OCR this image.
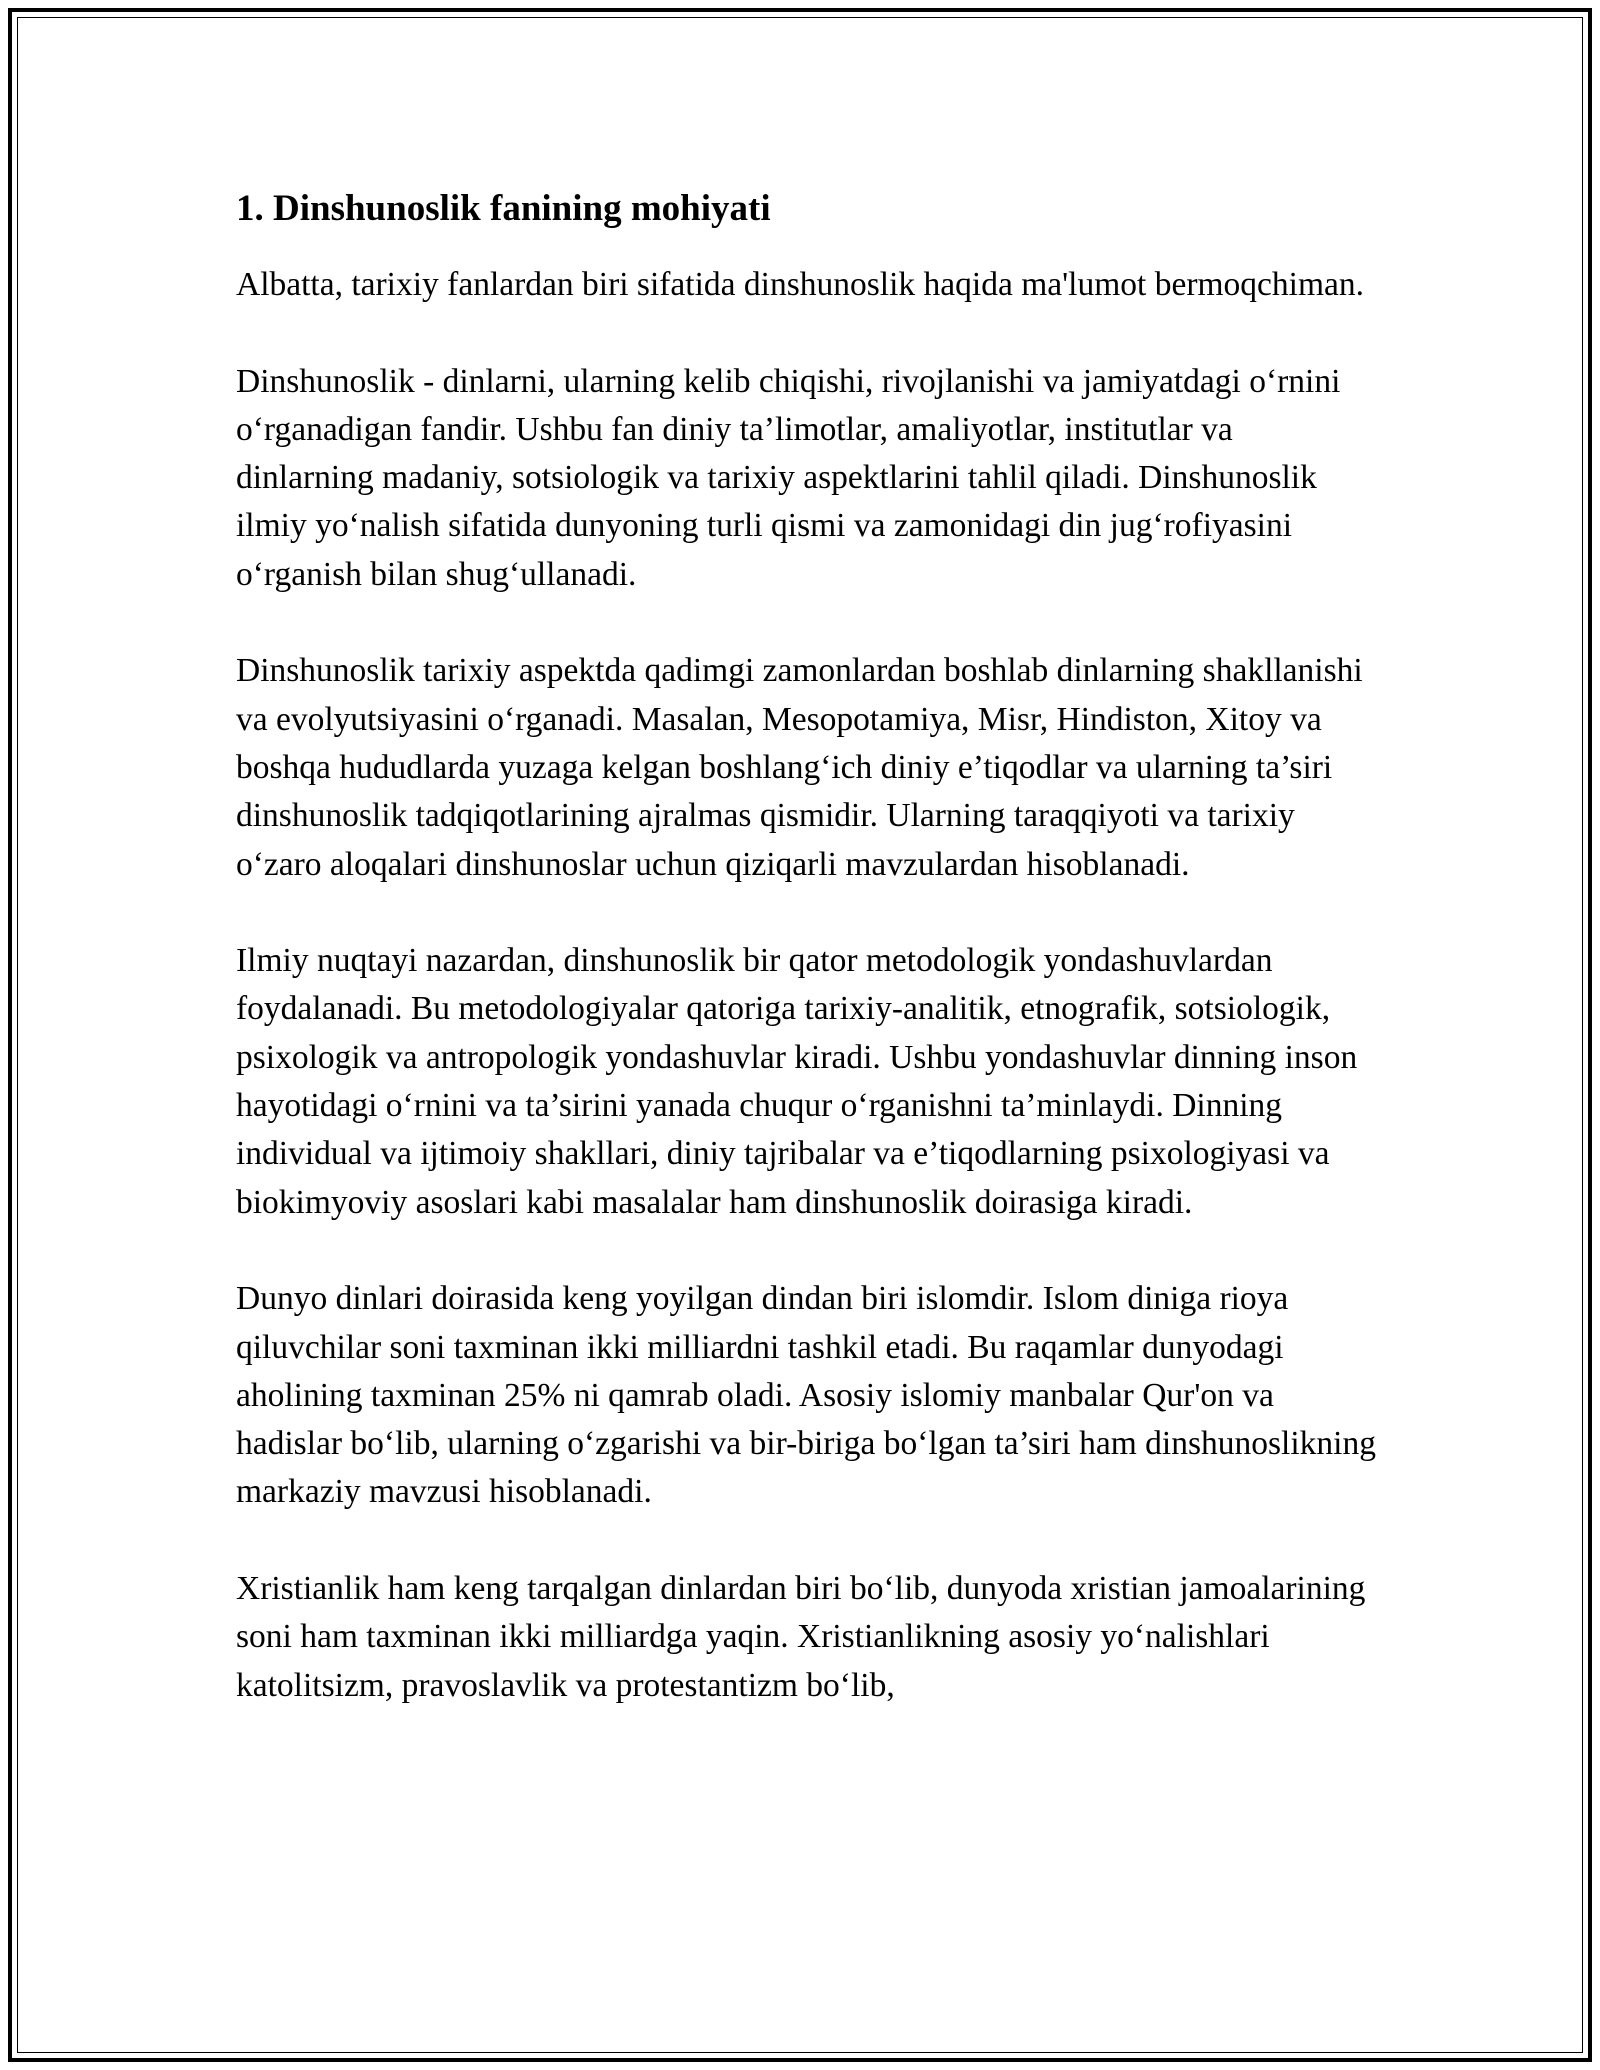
1. Dinshunoslik fanining mohiyati

Albatta, tarixiy fanlardan biri sifatida dinshunoslik haqida ma'lumot bermoqchiman.

Dinshunoslik - dinlarni, ularning kelib chiqishi, rivojlanishi va jamiyatdagi o‘rnini o‘rganadigan fandir. Ushbu fan diniy ta’limotlar, amaliyotlar, institutlar va dinlarning madaniy, sotsiologik va tarixiy aspektlarini tahlil qiladi. Dinshunoslik ilmiy yo‘nalish sifatida dunyoning turli qismi va zamonidagi din jug‘rofiyasini o‘rganish bilan shug‘ullanadi.

Dinshunoslik tarixiy aspektda qadimgi zamonlardan boshlab dinlarning shakllanishi va evolyutsiyasini o‘rganadi. Masalan, Mesopotamiya, Misr, Hindiston, Xitoy va boshqa hududlarda yuzaga kelgan boshlang‘ich diniy e’tiqodlar va ularning ta’siri dinshunoslik tadqiqotlarining ajralmas qismidir. Ularning taraqqiyoti va tarixiy o‘zaro aloqalari dinshunoslar uchun qiziqarli mavzulardan hisoblanadi.

Ilmiy nuqtayi nazardan, dinshunoslik bir qator metodologik yondashuvlardan foydalanadi. Bu metodologiyalar qatoriga tarixiy-analitik, etnografik, sotsiologik, psixologik va antropologik yondashuvlar kiradi. Ushbu yondashuvlar dinning inson hayotidagi o‘rnini va ta’sirini yanada chuqur o‘rganishni ta’minlaydi. Dinning individual va ijtimoiy shakllari, diniy tajribalar va e’tiqodlarning psixologiyasi va biokimyoviy asoslari kabi masalalar ham dinshunoslik doirasiga kiradi.

Dunyo dinlari doirasida keng yoyilgan dindan biri islomdir. Islom diniga rioya qiluvchilar soni taxminan ikki milliardni tashkil etadi. Bu raqamlar dunyodagi aholining taxminan 25% ni qamrab oladi. Asosiy islomiy manbalar Qur'on va hadislar bo‘lib, ularning o‘zgarishi va bir-biriga bo‘lgan ta’siri ham dinshunoslikning markaziy mavzusi hisoblanadi.

Xristianlik ham keng tarqalgan dinlardan biri bo‘lib, dunyoda xristian jamoalarining soni ham taxminan ikki milliardga yaqin. Xristianlikning asosiy yo‘nalishlari katolitsizm, pravoslavlik va protestantizm bo‘lib,
